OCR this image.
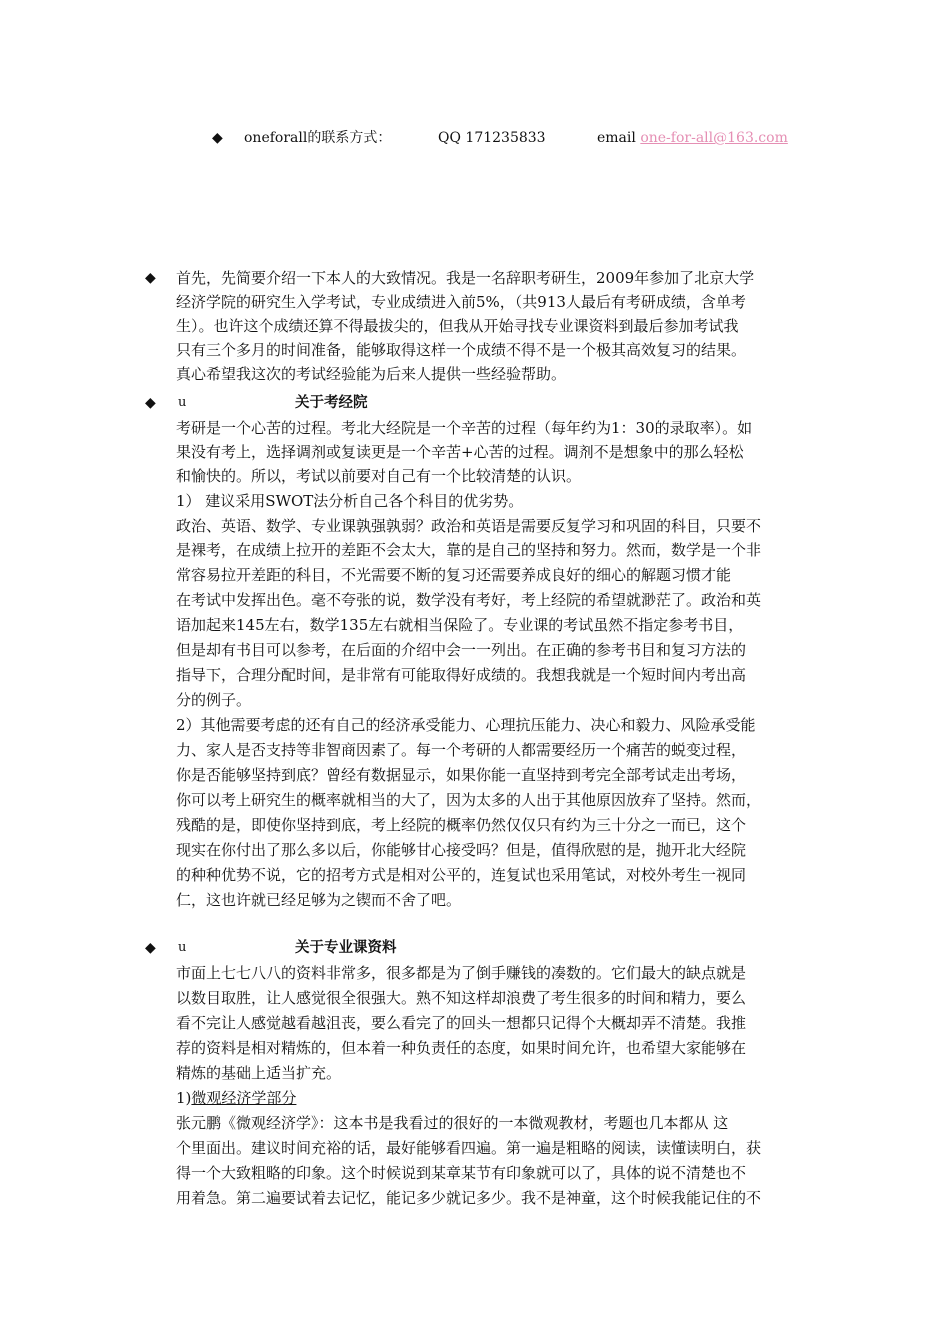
◆ oneforall的联系方式：	QQ 171235833	email one-for-all@163.com
◆ 首先，先简要介绍一下本人的大致情况。我是一名辞职考研生，2009年参加了北京大学
经济学院的研究生入学考试，专业成绩进入前5%，（共913人最后有考研成绩，含单考
生）。也许这个成绩还算不得最拔尖的，但我从开始寻找专业课资料到最后参加考试我
只有三个多月的时间准备，能够取得这样一个成绩不得不是一个极其高效复习的结果。
真心希望我这次的考试经验能为后来人提供一些经验帮助。
◆ u	关于考经院
考研是一个心苦的过程。考北大经院是一个辛苦的过程（每年约为1：30的录取率）。如
果没有考上，选择调剂或复读更是一个辛苦+心苦的过程。调剂不是想象中的那么轻松
和愉快的。所以，考试以前要对自己有一个比较清楚的认识。
1） 建议采用SWOT法分析自己各个科目的优劣势。
政治、英语、数学、专业课孰强孰弱？政治和英语是需要反复学习和巩固的科目，只要不
是裸考，在成绩上拉开的差距不会太大，靠的是自己的坚持和努力。然而，数学是一个非
常容易拉开差距的科目，不光需要不断的复习还需要养成良好的细心的解题习惯才能
在考试中发挥出色。毫不夸张的说，数学没有考好，考上经院的希望就渺茫了。政治和英
语加起来145左右，数学135左右就相当保险了。专业课的考试虽然不指定参考书目，
但是却有书目可以参考，在后面的介绍中会一一列出。在正确的参考书目和复习方法的
指导下，合理分配时间，是非常有可能取得好成绩的。我想我就是一个短时间内考出高
分的例子。
2）其他需要考虑的还有自己的经济承受能力、心理抗压能力、决心和毅力、风险承受能
力、家人是否支持等非智商因素了。每一个考研的人都需要经历一个痛苦的蜕变过程，
你是否能够坚持到底？曾经有数据显示，如果你能一直坚持到考完全部考试走出考场，
你可以考上研究生的概率就相当的大了，因为太多的人出于其他原因放弃了坚持。然而，
残酷的是，即使你坚持到底，考上经院的概率仍然仅仅只有约为三十分之一而已，这个
现实在你付出了那么多以后，你能够甘心接受吗？但是，值得欣慰的是，抛开北大经院
的种种优势不说，它的招考方式是相对公平的，连复试也采用笔试，对校外考生一视同
仁，这也许就已经足够为之锲而不舍了吧。
◆ u	关于专业课资料
市面上七七八八的资料非常多，很多都是为了倒手赚钱的凑数的。它们最大的缺点就是
以数目取胜，让人感觉很全很强大。熟不知这样却浪费了考生很多的时间和精力，要么
看不完让人感觉越看越沮丧，要么看完了的回头一想都只记得个大概却弄不清楚。我推
荐的资料是相对精炼的，但本着一种负责任的态度，如果时间允许，也希望大家能够在
精炼的基础上适当扩充。
1)微观经济学部分
张元鹏《微观经济学》：这本书是我看过的很好的一本微观教材，考题也几本都从 这
个里面出。建议时间充裕的话，最好能够看四遍。第一遍是粗略的阅读，读懂读明白，获
得一个大致粗略的印象。这个时候说到某章某节有印象就可以了，具体的说不清楚也不
用着急。第二遍要试着去记忆，能记多少就记多少。我不是神童，这个时候我能记住的不
